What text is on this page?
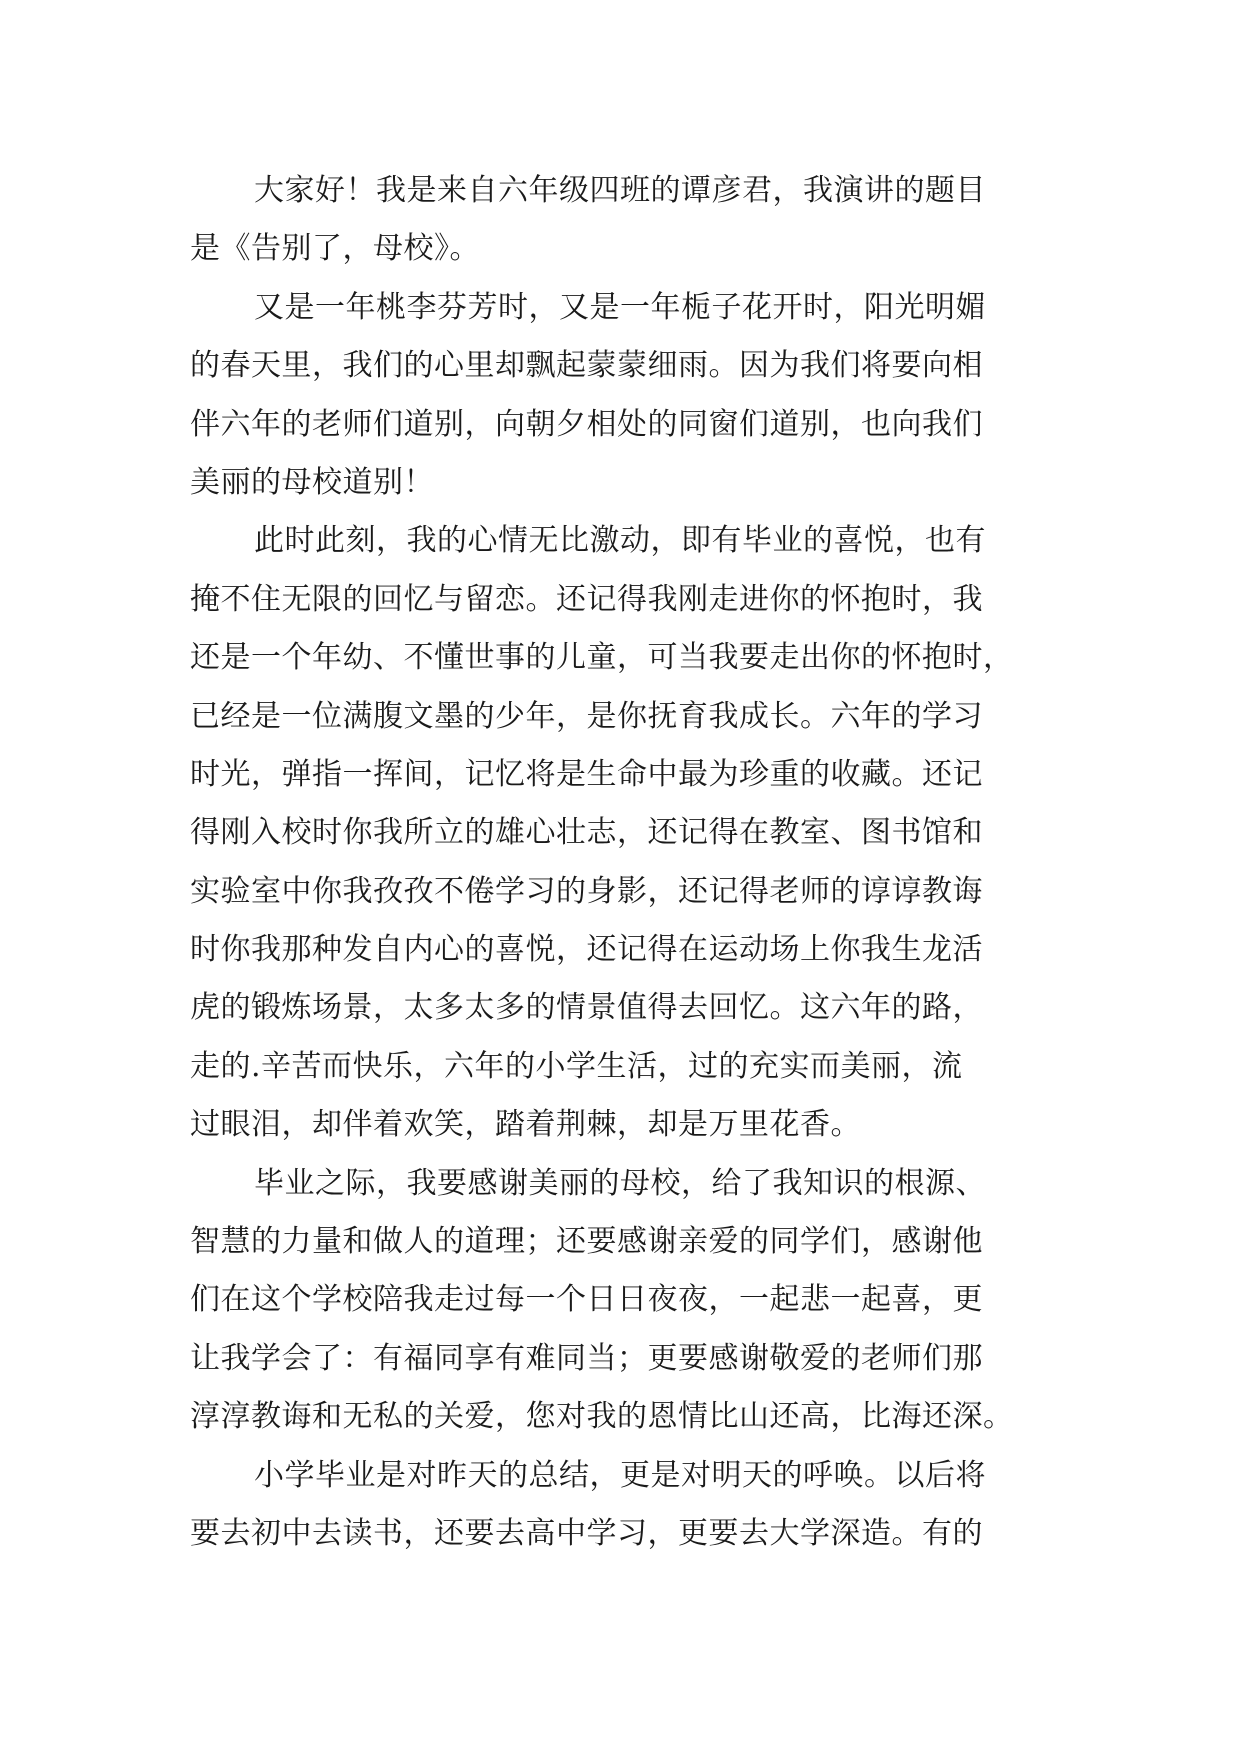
大家好！我是来自六年级四班的谭彦君，我演讲的题目
是《告别了，母校》。
又是一年桃李芬芳时，又是一年栀子花开时，阳光明媚
的春天里，我们的心里却飘起蒙蒙细雨。因为我们将要向相
伴六年的老师们道别，向朝夕相处的同窗们道别，也向我们
美丽的母校道别！
此时此刻，我的心情无比激动，即有毕业的喜悦，也有
掩不住无限的回忆与留恋。还记得我刚走进你的怀抱时，我
还是一个年幼、不懂世事的儿童，可当我要走出你的怀抱时，
已经是一位满腹文墨的少年，是你抚育我成长。六年的学习
时光，弹指一挥间，记忆将是生命中最为珍重的收藏。还记
得刚入校时你我所立的雄心壮志，还记得在教室、图书馆和
实验室中你我孜孜不倦学习的身影，还记得老师的谆谆教诲
时你我那种发自内心的喜悦，还记得在运动场上你我生龙活
虎的锻炼场景，太多太多的情景值得去回忆。这六年的路，
走的.辛苦而快乐，六年的小学生活，过的充实而美丽，流
过眼泪，却伴着欢笑，踏着荆棘，却是万里花香。
毕业之际，我要感谢美丽的母校，给了我知识的根源、
智慧的力量和做人的道理；还要感谢亲爱的同学们，感谢他
们在这个学校陪我走过每一个日日夜夜，一起悲一起喜，更
让我学会了：有福同享有难同当；更要感谢敬爱的老师们那
淳淳教诲和无私的关爱，您对我的恩情比山还高，比海还深。
小学毕业是对昨天的总结，更是对明天的呼唤。以后将
要去初中去读书，还要去高中学习，更要去大学深造。有的
